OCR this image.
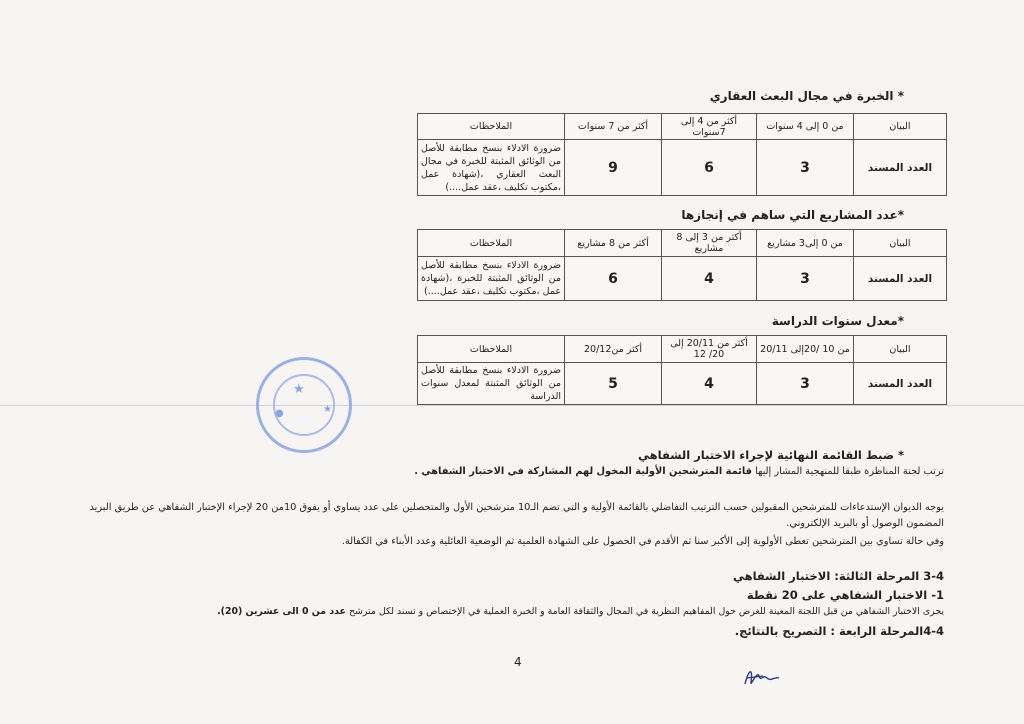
* الخبرة في مجال البعث العقاري
البيان	من 0 إلى 4 سنوات	أكثر من 4 إلى 7سنوات	أكثر من 7 سنوات	الملاحظات
العدد المسند	3	6	9	ضرورة الادلاء بنسخ مطابقة للأصل من الوثائق المثبتة للخبرة في مجال البعث العقاري ،(شهادة عمل ،مكتوب تكليف ،عقد عمل....)
*عدد المشاريع التي ساهم في إنجازها
البيان	من 0 إلى3 مشاريع	أكثر من 3 إلى 8 مشاريع	أكثر من 8 مشاريع	الملاحظات
العدد المسند	3	4	6	ضرورة الادلاء بنسخ مطابقة للأصل من الوثائق المثبتة للخبرة ،(شهادة عمل ،مكتوب تكليف ،عقد عمل....)
*معدل سنوات الدراسة
البيان	من 10 /20إلى 20/11	أكثر من 20/11 إلى 20/ 12	أكثر من20/12	الملاحظات
العدد المسند	3	4	5	ضرورة الادلاء بنسخ مطابقة للأصل من الوثائق المثبتة لمعدل سنوات الدراسة
★
●	★
* ضبط القائمة النهائية لإجراء الاختبار الشفاهي
ترتب لجنة المناظرة طبقا للمنهجية المشار إليها قائمة المترشحين الأولية المخول لهم المشاركة في الاختبار الشفاهي .
يوجه الديوان الإستدعاءات للمترشحين المقبولين حسب الترتيب التفاضلي بالقائمة الأولية و التي تضم الـ10 مترشحين الأول والمتحصلين على عدد يساوي أو يفوق 10من 20 لإجراء الإختبار الشفاهي عن طريق البريد المضمون الوصول أو بالبريد الإلكتروني.
وفي حالة تساوي بين المترشحين تعطى الأولوية إلى الأكبر سنا ثم الأقدم في الحصول على الشهادة العلمية ثم الوضعية العائلية وعدد الأبناء في الكفالة.
3-4 المرحلة الثالثة: الاختبار الشفاهي
1- الاختبار الشفاهي على 20 نقطة
يجرى الاختبار الشفاهي من قبل اللجنة المعينة للغرض حول المفاهيم النظرية في المجال والثقافة العامة و الخبرة العملية في الإختصاص و تسند لكل مترشح عدد من 0 الى عشرين (20).
4-4المرحلة الرابعة : التصريح بالنتائج.
4
